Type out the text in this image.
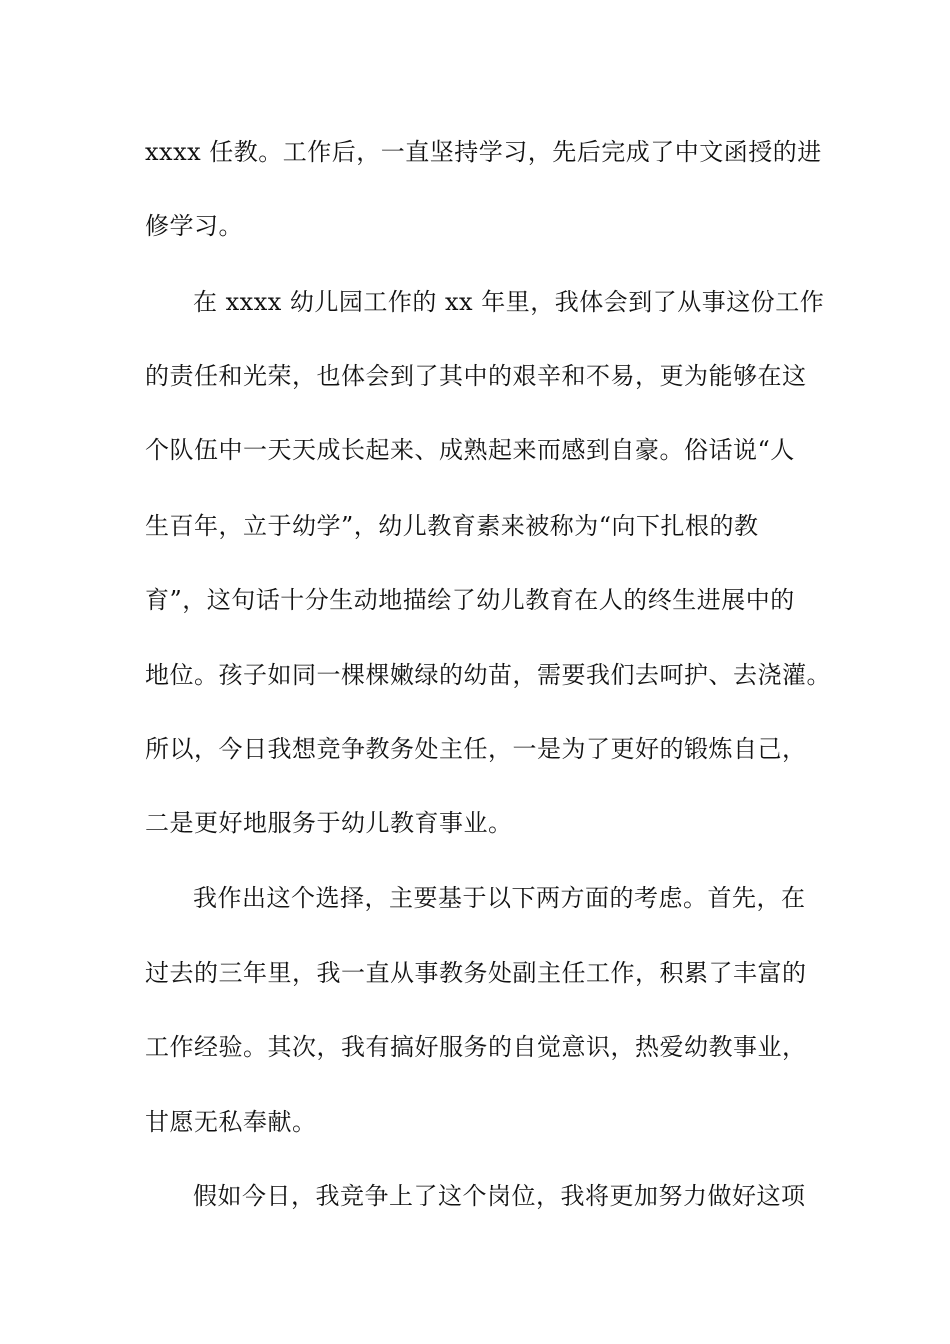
xxxx 任教。工作后，一直坚持学习，先后完成了中文函授的进
修学习。
在 xxxx 幼儿园工作的 xx 年里，我体会到了从事这份工作
的责任和光荣，也体会到了其中的艰辛和不易，更为能够在这
个队伍中一天天成长起来、成熟起来而感到自豪。俗话说“人
生百年，立于幼学”，幼儿教育素来被称为“向下扎根的教
育”，这句话十分生动地描绘了幼儿教育在人的终生进展中的
地位。孩子如同一棵棵嫩绿的幼苗，需要我们去呵护、去浇灌。
所以，今日我想竞争教务处主任，一是为了更好的锻炼自己，
二是更好地服务于幼儿教育事业。
我作出这个选择，主要基于以下两方面的考虑。首先，在
过去的三年里，我一直从事教务处副主任工作，积累了丰富的
工作经验。其次，我有搞好服务的自觉意识，热爱幼教事业，
甘愿无私奉献。
假如今日，我竞争上了这个岗位，我将更加努力做好这项
